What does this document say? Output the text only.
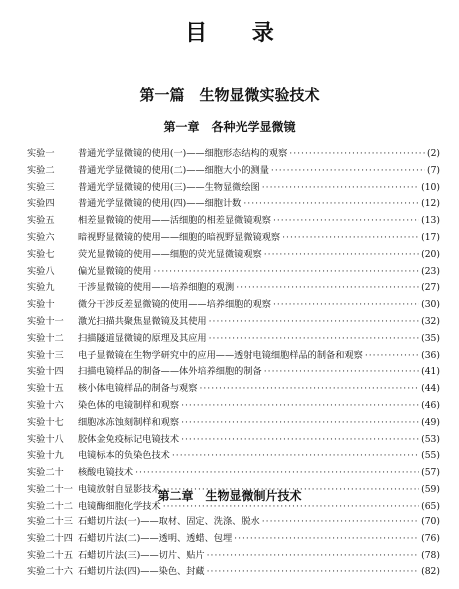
目　　录
第一篇　生物显微实验技术
第一章　各种光学显微镜
实验一	普通光学显微镜的使用(一)——细胞形态结构的观察 ·····	(2)
实验二	普通光学显微镜的使用(二)——细胞大小的测量 ·····	(7)
实验三	普通光学显微镜的使用(三)——生物显微绘图 ·····	(10)
实验四	普通光学显微镜的使用(四)——细胞计数 ·····	(12)
实验五	相差显微镜的使用——活细胞的相差显微镜观察 ·····	(13)
实验六	暗视野显微镜的使用——细胞的暗视野显微镜观察 ·····	(17)
实验七	荧光显微镜的使用——细胞的荧光显微镜观察 ·····	(20)
实验八	偏光显微镜的使用 ·····	(23)
实验九	干涉显微镜的使用——培养细胞的观测 ·····	(27)
实验十	微分干涉反差显微镜的使用——培养细胞的观察 ·····	(30)
实验十一	激光扫描共聚焦显微镜及其使用 ·····	(32)
实验十二	扫描隧道显微镜的原理及其应用 ·····	(35)
实验十三	电子显微镜在生物学研究中的应用——透射电镜细胞样品的制备和观察 ·····	(36)
实验十四	扫描电镜样品的制备——体外培养细胞的制备 ·····	(41)
实验十五	核小体电镜样品的制备与观察 ·····	(44)
实验十六	染色体的电镜制样和观察 ·····	(46)
实验十七	细胞冰冻蚀刻制样和观察 ·····	(49)
实验十八	胶体金免疫标记电镜技术 ·····	(53)
实验十九	电镜标本的负染色技术 ·····	(55)
实验二十	核酸电镜技术 ·····	(57)
实验二十一 电镜放射自显影技术 ·····	(59)
实验二十二 电镜酶细胞化学技术 ·····	(65)
第二章　生物显微制片技术
实验二十三 石蜡切片法(一)——取材、固定、洗涤、脱水 ·····	(70)
实验二十四 石蜡切片法(二)——透明、透蜡、包埋 ·····	(76)
实验二十五 石蜡切片法(三)——切片、贴片 ·····	(78)
实验二十六 石蜡切片法(四)——染色、封藏 ·····	(82)
